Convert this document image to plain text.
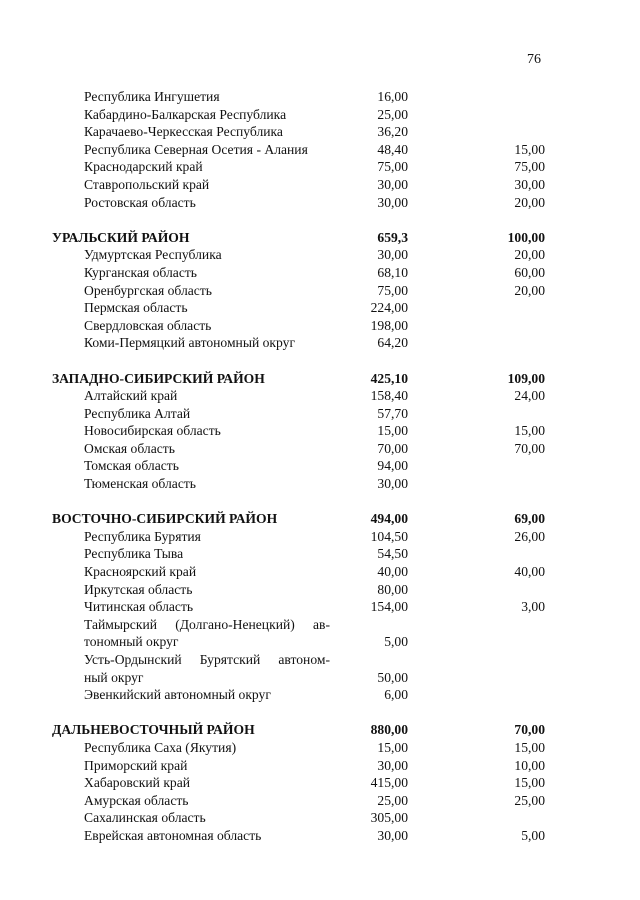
76
Республика Ингушетия	16,00
Кабардино-Балкарская Республика	25,00
Карачаево-Черкесская Республика	36,20
Республика Северная Осетия - Алания	48,40	15,00
Краснодарский край	75,00	75,00
Ставропольский край	30,00	30,00
Ростовская область	30,00	20,00
УРАЛЬСКИЙ РАЙОН	659,3	100,00
Удмуртская Республика	30,00	20,00
Курганская область	68,10	60,00
Оренбургская область	75,00	20,00
Пермская область	224,00
Свердловская область	198,00
Коми-Пермяцкий автономный округ	64,20
ЗАПАДНО-СИБИРСКИЙ РАЙОН	425,10	109,00
Алтайский край	158,40	24,00
Республика Алтай	57,70
Новосибирская область	15,00	15,00
Омская область	70,00	70,00
Томская область	94,00
Тюменская область	30,00
ВОСТОЧНО-СИБИРСКИЙ РАЙОН	494,00	69,00
Республика Бурятия	104,50	26,00
Республика Тыва	54,50
Красноярский край	40,00	40,00
Иркутская область	80,00
Читинская область	154,00	3,00
Таймырский (Долгано-Ненецкий) ав-
тономный округ	5,00
Усть-Ордынский Бурятский автоном-
ный округ	50,00
Эвенкийский автономный округ	6,00
ДАЛЬНЕВОСТОЧНЫЙ РАЙОН	880,00	70,00
Республика Саха (Якутия)	15,00	15,00
Приморский край	30,00	10,00
Хабаровский край	415,00	15,00
Амурская область	25,00	25,00
Сахалинская область	305,00
Еврейская автономная область	30,00	5,00
